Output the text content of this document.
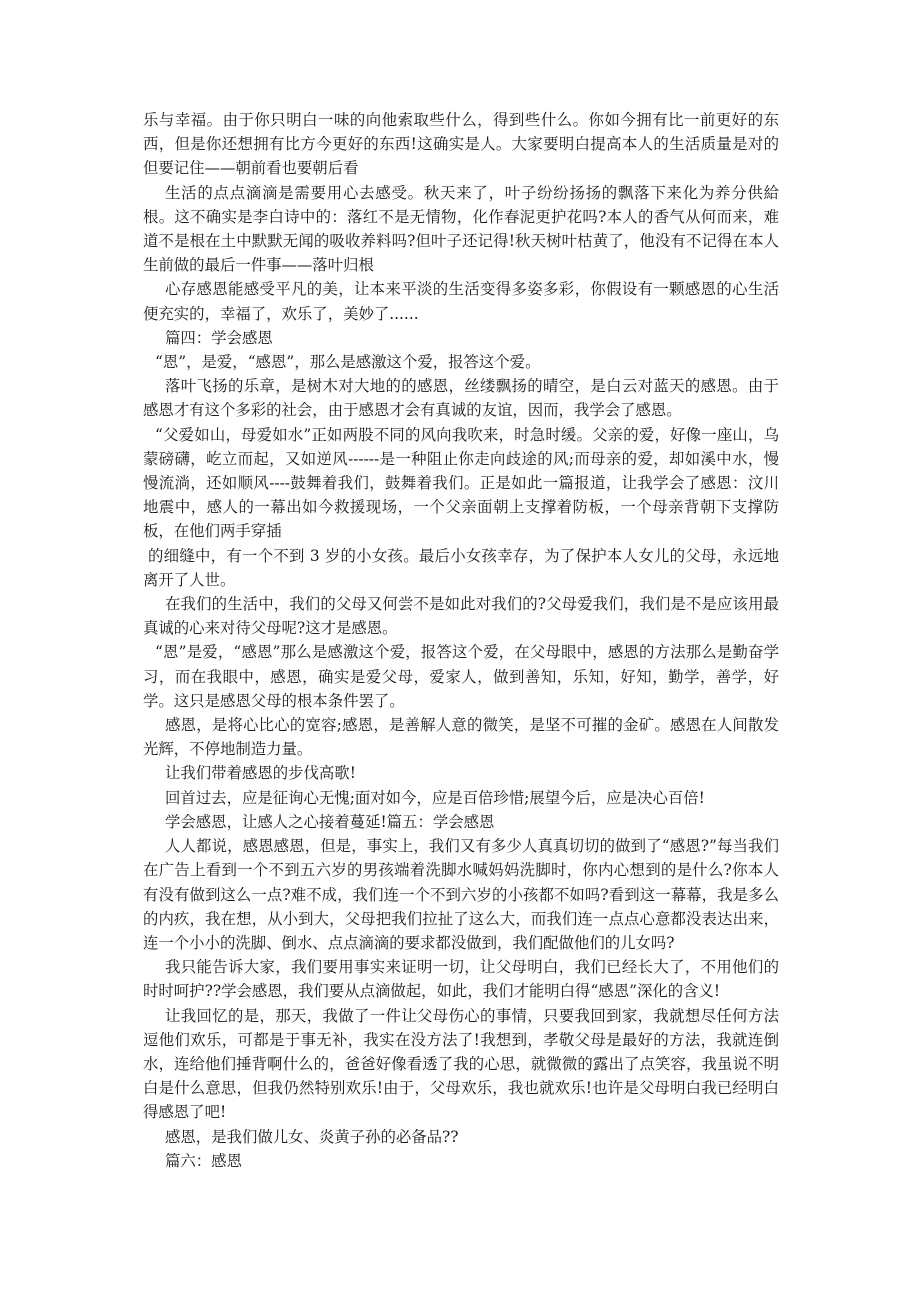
乐与幸福。由于你只明白一味的向他索取些什么，得到些什么。你如今拥有比一前更好的东西，但是你还想拥有比方今更好的东西!这确实是人。大家要明白提高本人的生活质量是对的但要记住——朝前看也要朝后看

生活的点点滴滴是需要用心去感受。秋天来了，叶子纷纷扬扬的飘落下来化为养分供給根。这不确实是李白诗中的：落红不是无情物，化作春泥更护花吗?本人的香气从何而来，难道不是根在土中默默无闻的吸收养料吗?但叶子还记得!秋天树叶枯黄了，他没有不记得在本人生前做的最后一件事——落叶归根

心存感恩能感受平凡的美，让本来平淡的生活变得多姿多彩，你假设有一颗感恩的心生活便充实的，幸福了，欢乐了，美妙了......

篇四：学会感恩

“恩”，是爱，“感恩”，那么是感激这个爱，报答这个爱。

落叶飞扬的乐章，是树木对大地的的感恩，丝缕飘扬的晴空，是白云对蓝天的感恩。由于感恩才有这个多彩的社会，由于感恩才会有真诚的友谊，因而，我学会了感恩。

“父爱如山，母爱如水”正如两股不同的风向我吹来，时急时缓。父亲的爱，好像一座山，乌蒙磅礴，屹立而起，又如逆风------是一种阻止你走向歧途的风;而母亲的爱，却如溪中水，慢慢流淌，还如顺风----鼓舞着我们，鼓舞着我们。正是如此一篇报道，让我学会了感恩：汶川地震中，感人的一幕出如今救援现场，一个父亲面朝上支撑着防板，一个母亲背朝下支撑防板，在他们两手穿插

的细缝中，有一个不到 3 岁的小女孩。最后小女孩幸存，为了保护本人女儿的父母，永远地离开了人世。

在我们的生活中，我们的父母又何尝不是如此对我们的?父母爱我们，我们是不是应该用最真诚的心来对待父母呢?这才是感恩。

“恩”是爱，“感恩”那么是感激这个爱，报答这个爱，在父母眼中，感恩的方法那么是勤奋学习，而在我眼中，感恩，确实是爱父母，爱家人，做到善知，乐知，好知，勤学，善学，好学。这只是感恩父母的根本条件罢了。

感恩，是将心比心的宽容;感恩，是善解人意的微笑，是坚不可摧的金矿。感恩在人间散发光辉，不停地制造力量。

让我们带着感恩的步伐高歌!

回首过去，应是征询心无愧;面对如今，应是百倍珍惜;展望今后，应是决心百倍!

学会感恩，让感人之心接着蔓延!篇五：学会感恩

人人都说，感恩感恩，但是，事实上，我们又有多少人真真切切的做到了“感恩?”每当我们在广告上看到一个不到五六岁的男孩端着洗脚水喊妈妈洗脚时，你内心想到的是什么?你本人有没有做到这么一点?难不成，我们连一个不到六岁的小孩都不如吗?看到这一幕幕，我是多么的内疚，我在想，从小到大，父母把我们拉扯了这么大，而我们连一点点心意都没表达出来，连一个小小的洗脚、倒水、点点滴滴的要求都没做到，我们配做他们的儿女吗?

我只能告诉大家，我们要用事实来证明一切，让父母明白，我们已经长大了，不用他们的时时呵护??学会感恩，我们要从点滴做起，如此，我们才能明白得“感恩”深化的含义!

让我回忆的是，那天，我做了一件让父母伤心的事情，只要我回到家，我就想尽任何方法逗他们欢乐，可都是于事无补，我实在没方法了!我想到，孝敬父母是最好的方法，我就连倒水，连给他们捶背啊什么的，爸爸好像看透了我的心思，就微微的露出了点笑容，我虽说不明白是什么意思，但我仍然特别欢乐!由于，父母欢乐，我也就欢乐!也许是父母明白我已经明白得感恩了吧!

感恩，是我们做儿女、炎黄子孙的必备品??

篇六：感恩
